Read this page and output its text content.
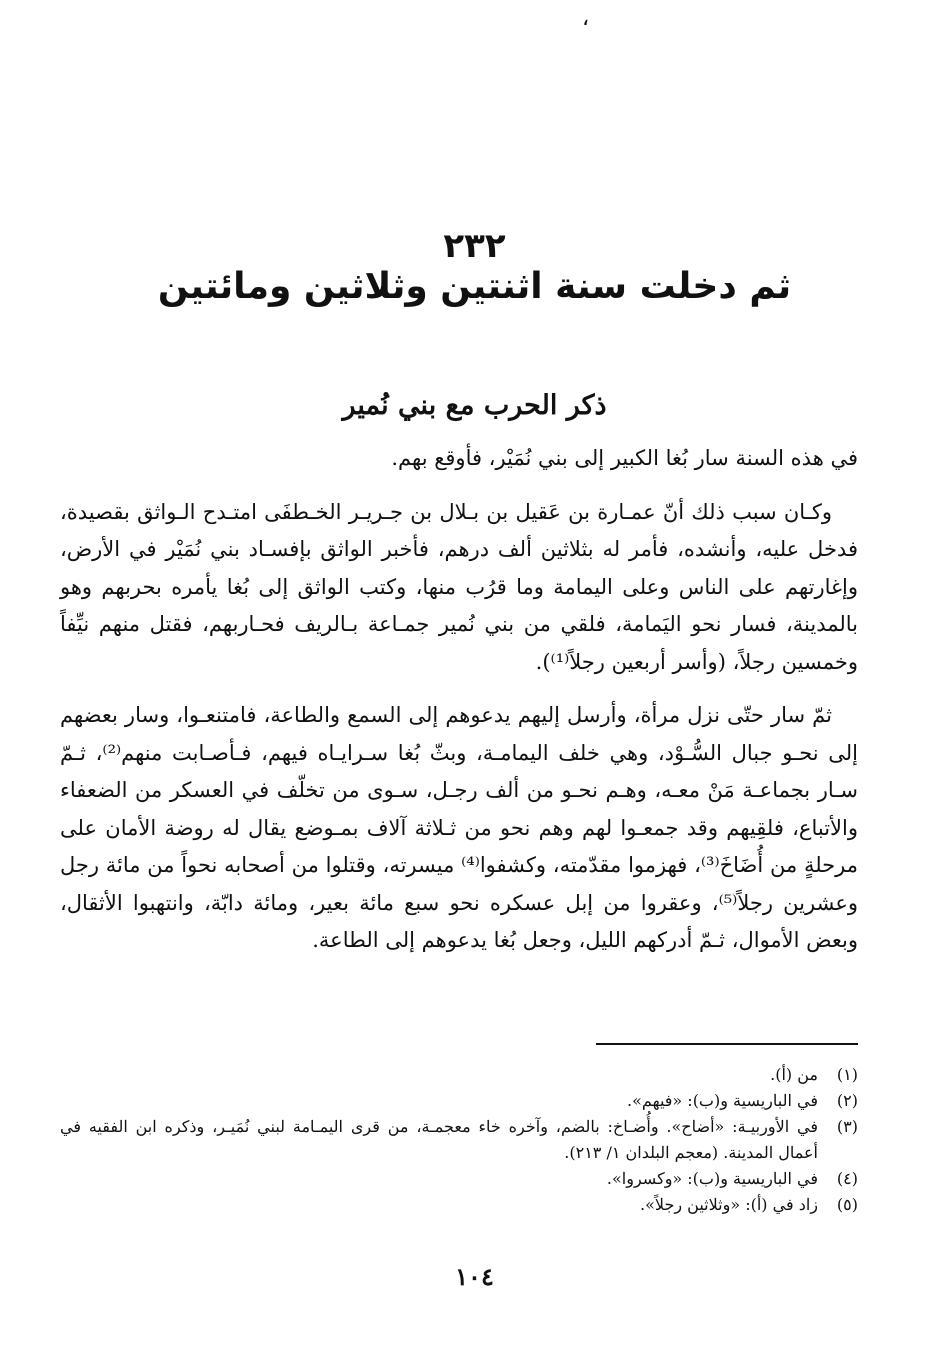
،
٢٣٢
ثم دخلت سنة اثنتين وثلاثين ومائتين
ذكر الحرب مع بني نُمير

في هذه السنة سار بُغا الكبير إلى بني نُمَيْر، فأوقع بهم.

وكـان سبب ذلك أنّ عمـارة بن عَقيل بن بـلال بن جـريـر الخـطفَى امتـدح الـواثق بقصيدة، فدخل عليه، وأنشده، فأمر له بثلاثين ألف درهم، فأخبر الواثق بإفسـاد بني نُمَيْر في الأرض، وإغارتهم على الناس وعلى اليمامة وما قرُب منها، وكتب الواثق إلى بُغا يأمره بحربهم وهو بالمدينة، فسار نحو اليَمامة، فلقي من بني نُمير جمـاعة بـالريف فحـاربهم، فقتل منهم نيِّفاً وخمسين رجلاً، (وأسر أربعين رجلاً⁽¹⁾).

ثمّ سار حتّى نزل مرأة، وأرسل إليهم يدعوهم إلى السمع والطاعة، فامتنعـوا، وسار بعضهم إلى نحـو جبال السُّـوْد، وهي خلف اليمامـة، وبثّ بُغا سـرايـاه فيهم، فـأصـابت منهم⁽²⁾، ثـمّ سـار بجماعـة مَنْ معـه، وهـم نحـو من ألف رجـل، سـوى من تخلّف في العسكر من الضعفاء والأتباع، فلقِيهم وقد جمعـوا لهم وهم نحو من ثـلاثة آلاف بمـوضع يقال له روضة الأمان على مرحلةٍ من أُضَاخَ⁽³⁾، فهزموا مقدّمته، وكشفوا⁽⁴⁾ ميسرته، وقتلوا من أصحابه نحواً من مائة رجل وعشرين رجلاً⁽⁵⁾، وعقروا من إبل عسكره نحو سبع مائة بعير، ومائة دابّة، وانتهبوا الأثقال، وبعض الأموال، ثـمّ أدركهم الليل، وجعل بُغا يدعوهم إلى الطاعة.

(١)
من (أ).
(٢)
في الباريسية و(ب): «فيهم».
(٣)
في الأوربيـة: «أضاح». وأُضـاخ: بالضم، وآخره خاء معجمـة، من قرى اليمـامة لبني نُمَيـر، وذكره ابن الفقيه في أعمال المدينة. (معجم البلدان ١/ ٢١٣).
(٤)
في الباريسية و(ب): «وكسروا».
(٥)
زاد في (أ): «وثلاثين رجلاً».
١٠٤
